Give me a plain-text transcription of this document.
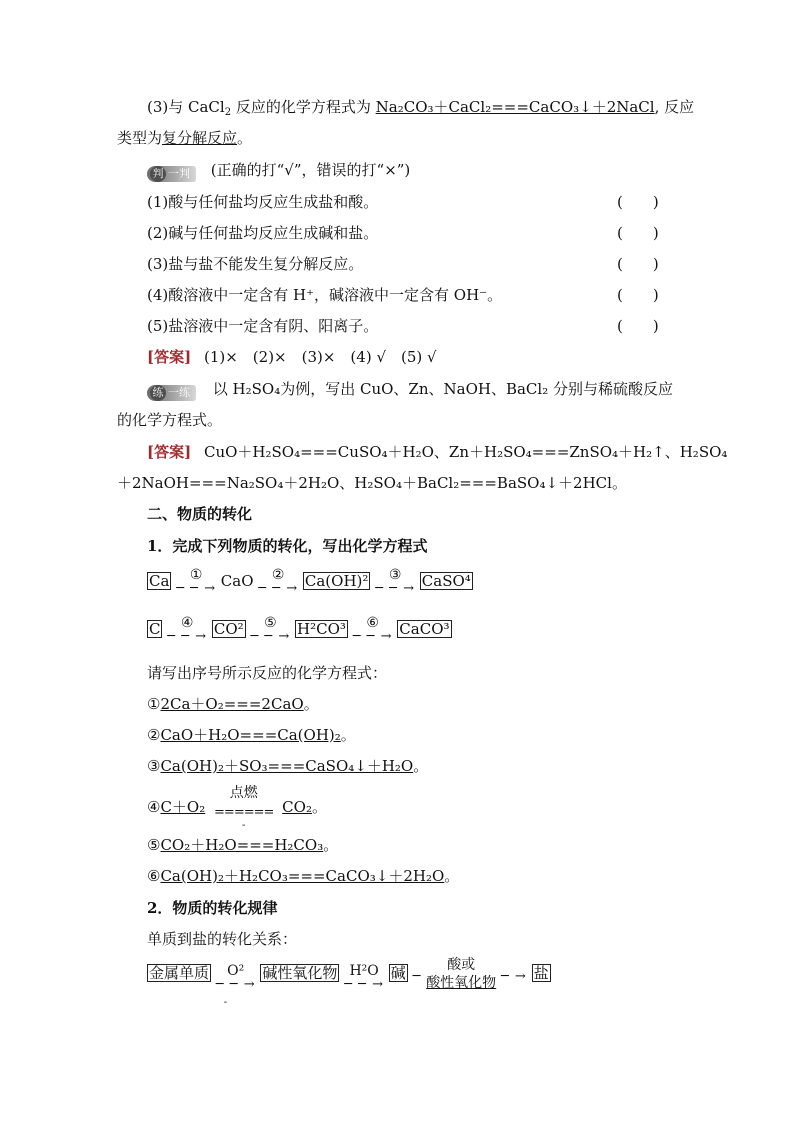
(3)与 CaCl$_2$ 反应的化学方程式为 Na₂CO₃＋CaCl₂===CaCO₃↓＋2NaCl, 反应
类型为复分解反应。
判 一判 (正确的打“√”，错误的打“×”)
(1)酸与任何盐均反应生成盐和酸。	(　　)
(2)碱与任何盐均反应生成碱和盐。	(　　)
(3)盐与盐不能发生复分解反应。	(　　)
(4)酸溶液中一定含有 H⁺，碱溶液中一定含有 OH⁻。	(　　)
(5)盐溶液中一定含有阴、阳离子。	(　　)
[答案] (1)×　(2)×　(3)×　(4) √　(5) √
练 一练 以 H₂SO₄为例，写出 CuO、Zn、NaOH、BaCl₂ 分别与稀硫酸反应
的化学方程式。
[答案] CuO＋H₂SO₄===CuSO₄＋H₂O、Zn＋H₂SO₄===ZnSO₄＋H₂↑、H₂SO₄
＋2NaOH===Na₂SO₄＋2H₂O、H₂SO₄＋BaCl₂===BaSO₄↓＋2HCl。
二、物质的转化
1．完成下列物质的转化，写出化学方程式
Ca	①
─ ─ → CaO	②
─ ─ → Ca(OH)²	③
─ ─ → CaSO⁴
C	④
─ ─ → CO²	⑤
─ ─ → H²CO³	⑥
─ ─ → CaCO³
请写出序号所示反应的化学方程式：
①2Ca＋O₂===2CaO。
②CaO＋H₂O===Ca(OH)₂。
③Ca(OH)₂＋SO₃===CaSO₄↓＋H₂O。
④C＋O₂
点燃
======
-
CO₂。
⑤CO₂＋H₂O===H₂CO₃。
⑥Ca(OH)₂＋H₂CO₃===CaCO₃↓＋2H₂O。
2．物质的转化规律
单质到盐的转化关系：
金属单质	O²
─ ─ →
-
碱性氧化物 H²O
─ ─ →
碱 ─

酸或
酸性氧化物
─ → 盐
